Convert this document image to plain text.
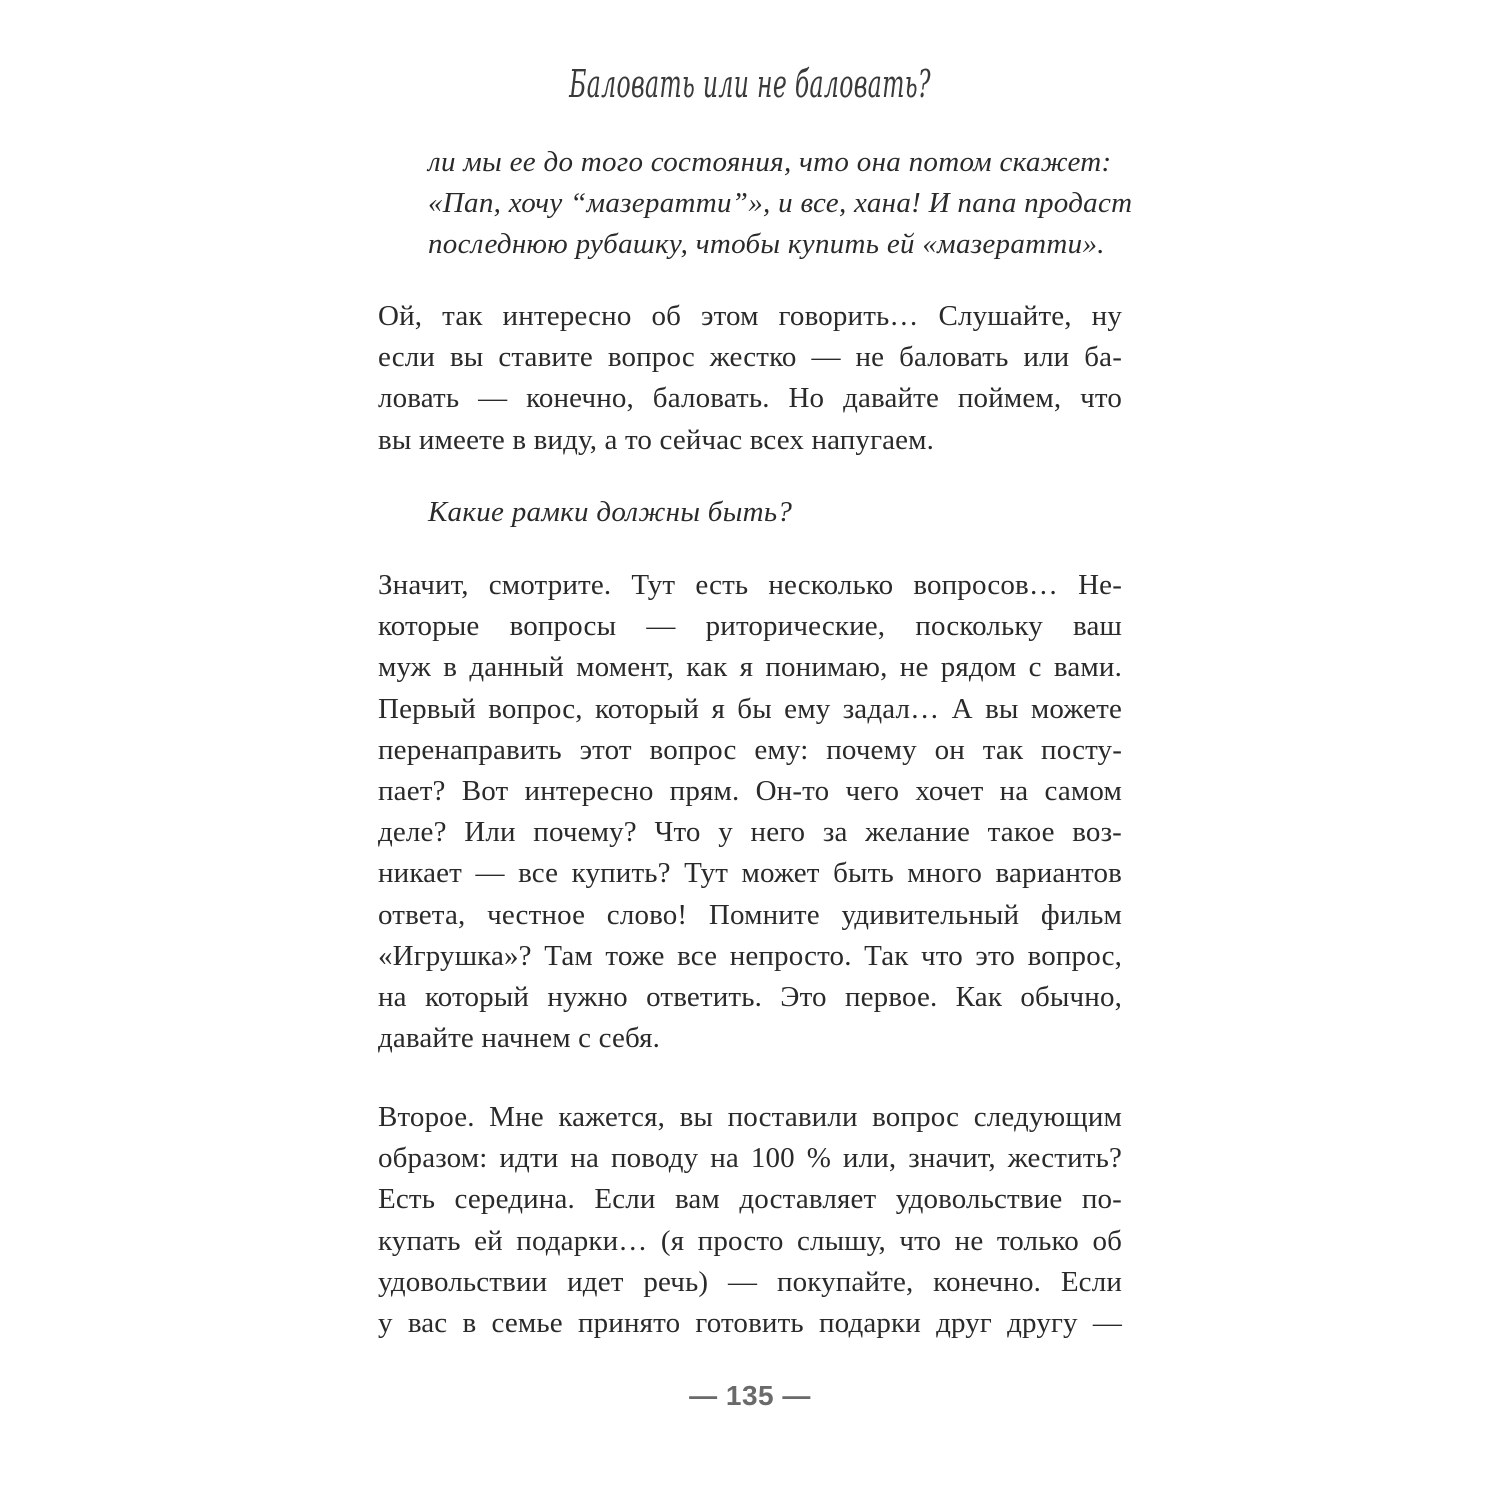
Баловать или не баловать?
ли мы ее до того состояния, что она потом скажет:
«Пап, хочу “мазератти”», и все, хана! И папа продаст
последнюю рубашку, чтобы купить ей «мазератти».
Ой, так интересно об этом говорить… Слушайте, ну
если вы ставите вопрос жестко — не баловать или ба-
ловать — конечно, баловать. Но давайте поймем, что
вы имеете в виду, а то сейчас всех напугаем.
Какие рамки должны быть?
Значит, смотрите. Тут есть несколько вопросов… Не-
которые вопросы — риторические, поскольку ваш
муж в данный момент, как я понимаю, не рядом с вами.
Первый вопрос, который я бы ему задал… А вы можете
перенаправить этот вопрос ему: почему он так посту-
пает? Вот интересно прям. Он-то чего хочет на самом
деле? Или почему? Что у него за желание такое воз-
никает — все купить? Тут может быть много вариантов
ответа, честное слово! Помните удивительный фильм
«Игрушка»? Там тоже все непросто. Так что это вопрос,
на который нужно ответить. Это первое. Как обычно,
давайте начнем с себя.
Второе. Мне кажется, вы поставили вопрос следующим
образом: идти на поводу на 100 % или, значит, жестить?
Есть середина. Если вам доставляет удовольствие по-
купать ей подарки… (я просто слышу, что не только об
удовольствии идет речь) — покупайте, конечно. Если
у вас в семье принято готовить подарки друг другу —
— 135 —
